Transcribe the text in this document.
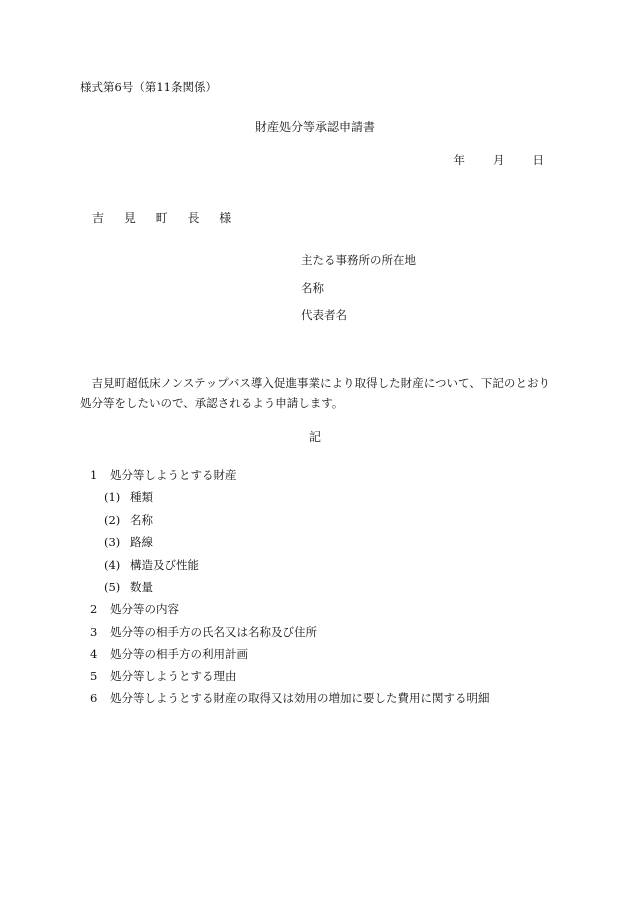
様式第6号（第11条関係）
財産処分等承認申請書
年 月 日
吉 見 町 長 様
主たる事務所の所在地
名称
代表者名
吉見町超低床ノンステップバス導入促進事業により取得した財産について、下記のとおり処分等をしたいので、承認されるよう申請します。
記
1 処分等しようとする財産
(1) 種類
(2) 名称
(3) 路線
(4) 構造及び性能
(5) 数量
2 処分等の内容
3 処分等の相手方の氏名又は名称及び住所
4 処分等の相手方の利用計画
5 処分等しようとする理由
6 処分等しようとする財産の取得又は効用の増加に要した費用に関する明細
